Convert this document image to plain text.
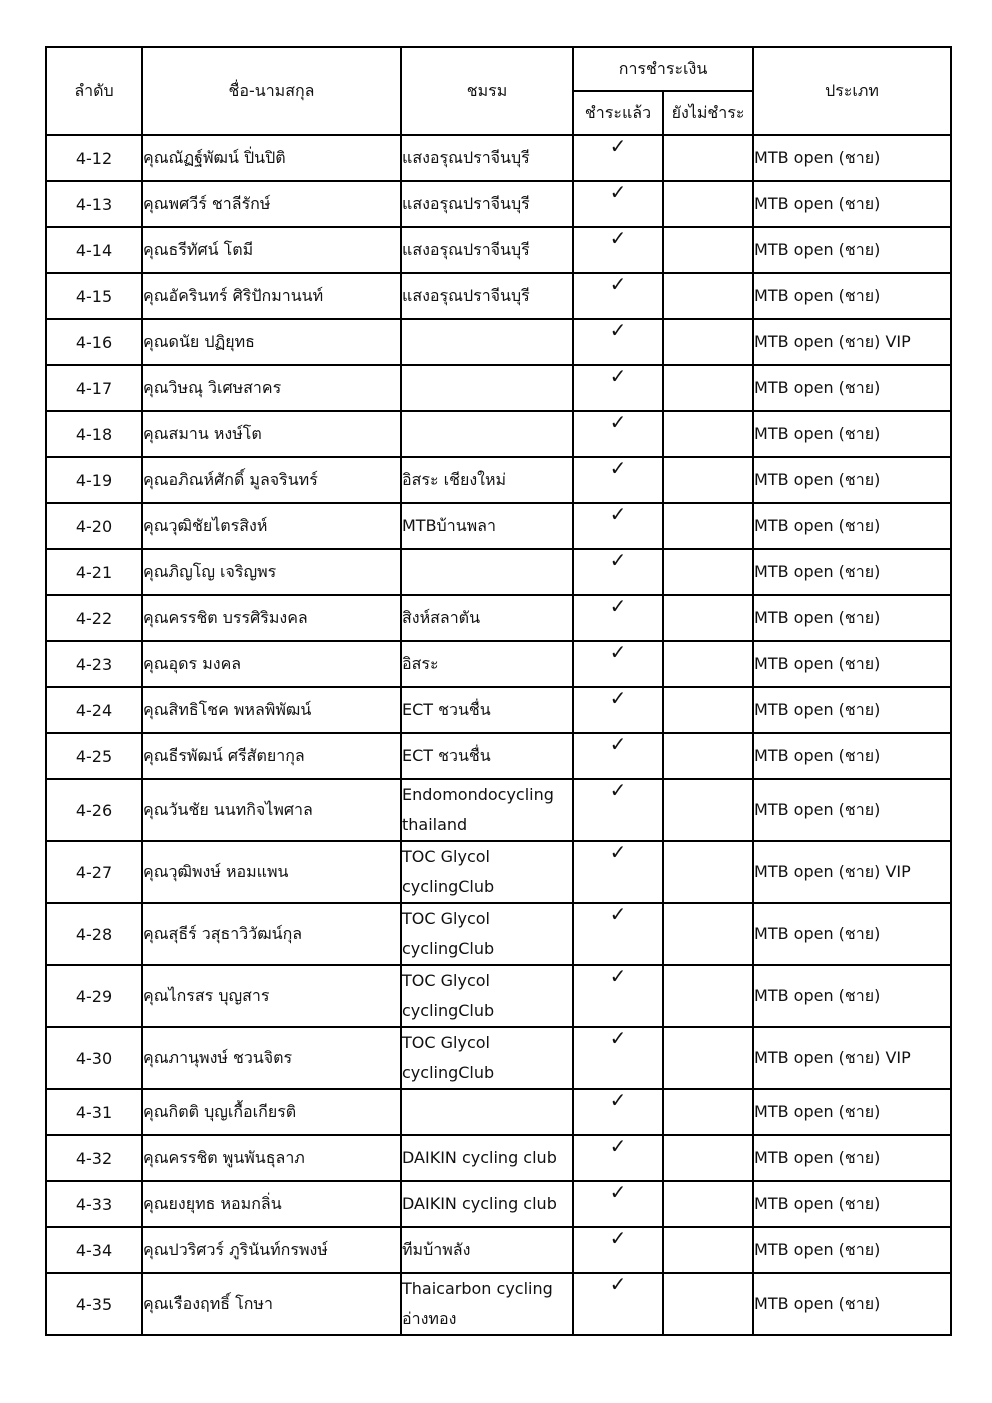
ลำดับ	ชื่อ-นามสกุล	ชมรม	การชำระเงิน		ประเภท
			ชำระแล้ว	ยังไม่ชำระ	
4-12	คุณณัฏฐ์พัฒน์ ปิ่นปิติ	แสงอรุณปราจีนบุรี	✓		MTB open (ชาย)
4-13	คุณพศวีร์ ชาลีรักษ์	แสงอรุณปราจีนบุรี	✓		MTB open (ชาย)
4-14	คุณธรีทัศน์ โตมี	แสงอรุณปราจีนบุรี	✓		MTB open (ชาย)
4-15	คุณอัครินทร์ ศิริปักมานนท์	แสงอรุณปราจีนบุรี	✓		MTB open (ชาย)
4-16	คุณดนัย ปฏิยุทธ		✓		MTB open (ชาย) VIP
4-17	คุณวิษณุ วิเศษสาคร		✓		MTB open (ชาย)
4-18	คุณสมาน หงษ์โต		✓		MTB open (ชาย)
4-19	คุณอภิณห์ศักดิ์ มูลจรินทร์	อิสระ เชียงใหม่	✓		MTB open (ชาย)
4-20	คุณวุฒิชัยไตรสิงห์	MTBบ้านพลา	✓		MTB open (ชาย)
4-21	คุณภิญโญ เจริญพร		✓		MTB open (ชาย)
4-22	คุณครรชิต บรรศิริมงคล	สิงห์สลาตัน	✓		MTB open (ชาย)
4-23	คุณอุดร มงคล	อิสระ	✓		MTB open (ชาย)
4-24	คุณสิทธิโชค พหลพิพัฒน์	ECT ชวนชื่น	✓		MTB open (ชาย)
4-25	คุณธีรพัฒน์ ศรีสัตยากุล	ECT ชวนชื่น	✓		MTB open (ชาย)
4-26	คุณวันชัย นนทกิจไพศาล	Endomondocycling thailand	✓		MTB open (ชาย)
4-27	คุณวุฒิพงษ์ หอมแพน	TOC Glycol cyclingClub	✓		MTB open (ชาย) VIP
4-28	คุณสุธีร์ วสุธาวิวัฒน์กุล	TOC Glycol cyclingClub	✓		MTB open (ชาย)
4-29	คุณไกรสร บุญสาร	TOC Glycol cyclingClub	✓		MTB open (ชาย)
4-30	คุณภานุพงษ์ ชวนจิตร	TOC Glycol cyclingClub	✓		MTB open (ชาย) VIP
4-31	คุณกิตติ บุญเกื้อเกียรติ		✓		MTB open (ชาย)
4-32	คุณครรชิต พูนพันธุลาภ	DAIKIN cycling club	✓		MTB open (ชาย)
4-33	คุณยงยุทธ หอมกลิ่น	DAIKIN cycling club	✓		MTB open (ชาย)
4-34	คุณปวริศวร์ ภูรินันท์กรพงษ์	ทีมบ้าพลัง	✓		MTB open (ชาย)
4-35	คุณเรืองฤทธิ์ โกษา	Thaicarbon cycling อ่างทอง	✓		MTB open (ชาย)
